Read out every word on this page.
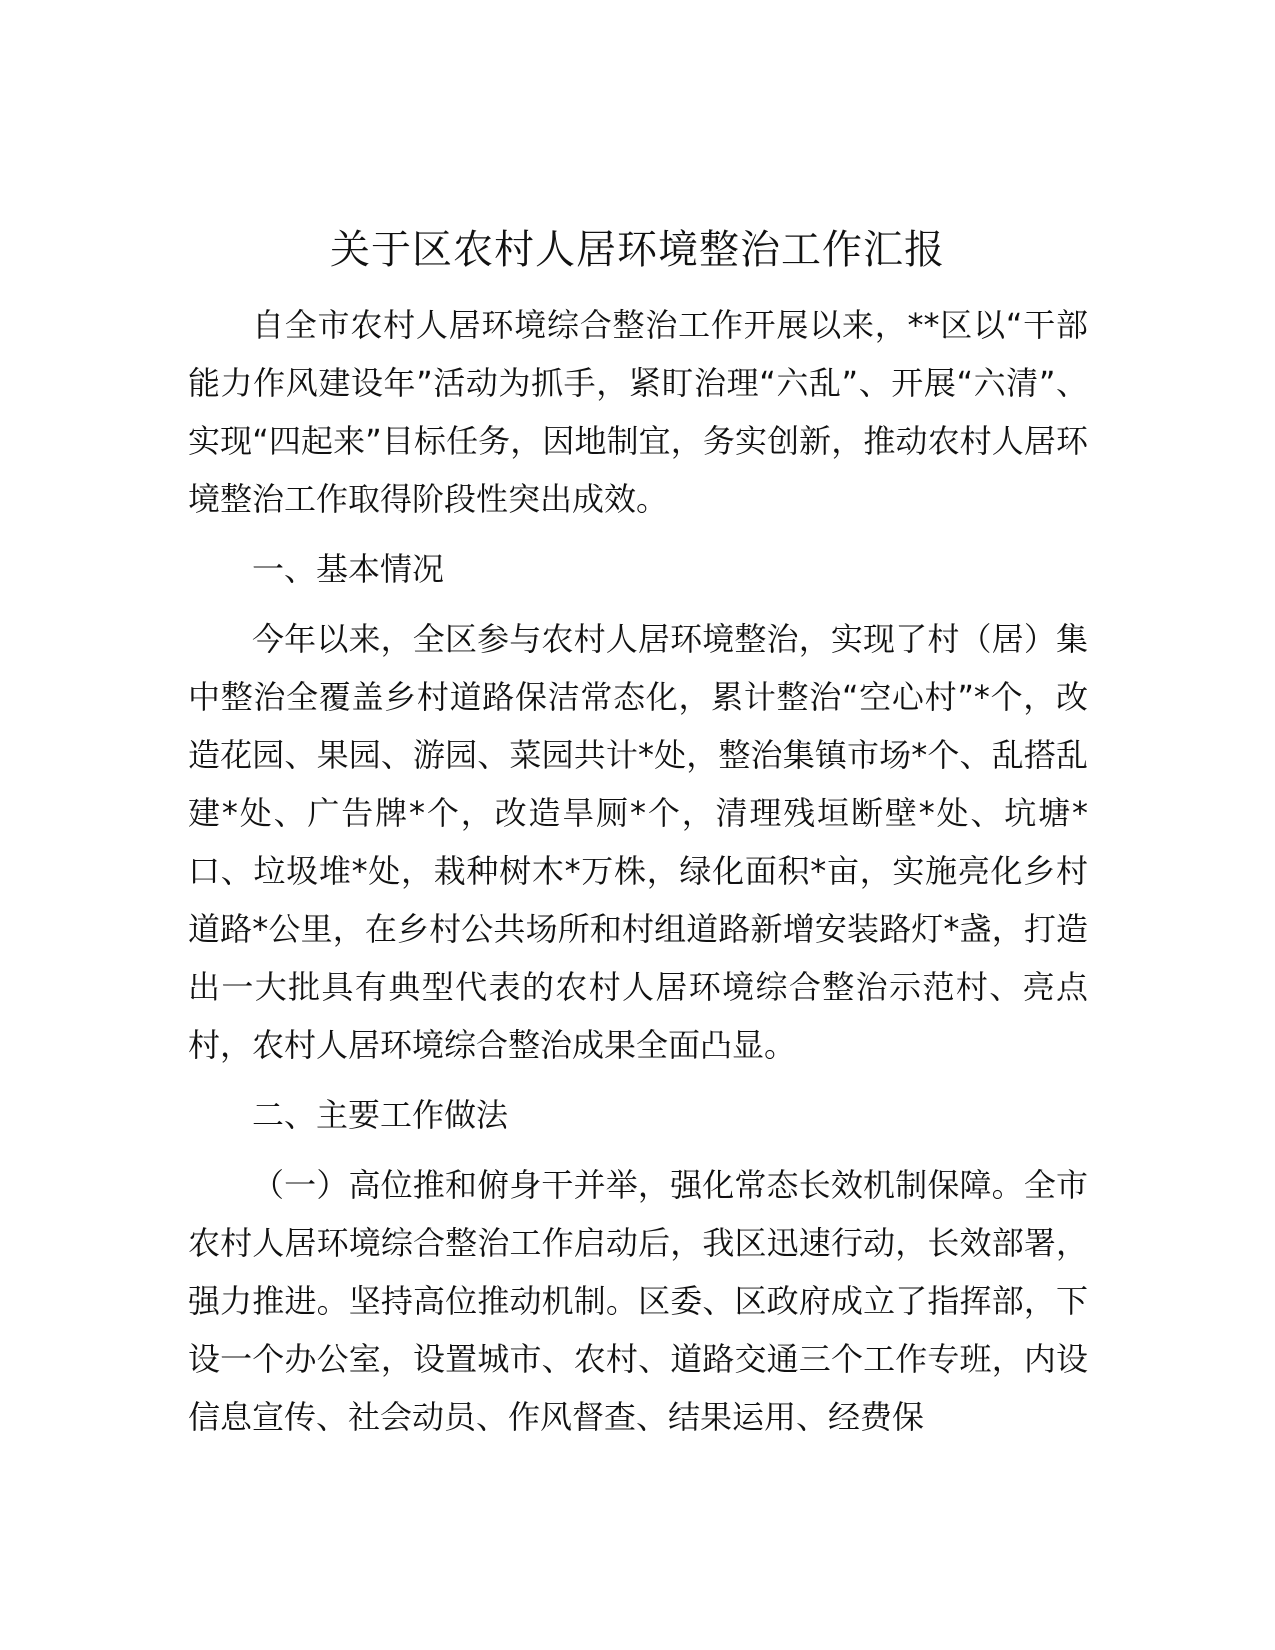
关于区农村人居环境整治工作汇报

自全市农村人居环境综合整治工作开展以来，**区以“干部能力作风建设年”活动为抓手，紧盯治理“六乱”、开展“六清”、实现“四起来”目标任务，因地制宜，务实创新，推动农村人居环境整治工作取得阶段性突出成效。

一、基本情况

今年以来，全区参与农村人居环境整治，实现了村（居）集中整治全覆盖乡村道路保洁常态化，累计整治“空心村”*个，改造花园、果园、游园、菜园共计*处，整治集镇市场*个、乱搭乱建*处、广告牌*个，改造旱厕*个，清理残垣断壁*处、坑塘*口、垃圾堆*处，栽种树木*万株，绿化面积*亩，实施亮化乡村道路*公里，在乡村公共场所和村组道路新增安装路灯*盏，打造出一大批具有典型代表的农村人居环境综合整治示范村、亮点村，农村人居环境综合整治成果全面凸显。

二、主要工作做法

（一）高位推和俯身干并举，强化常态长效机制保障。全市农村人居环境综合整治工作启动后，我区迅速行动，长效部署，强力推进。坚持高位推动机制。区委、区政府成立了指挥部，下设一个办公室，设置城市、农村、道路交通三个工作专班，内设信息宣传、社会动员、作风督查、结果运用、经费保
